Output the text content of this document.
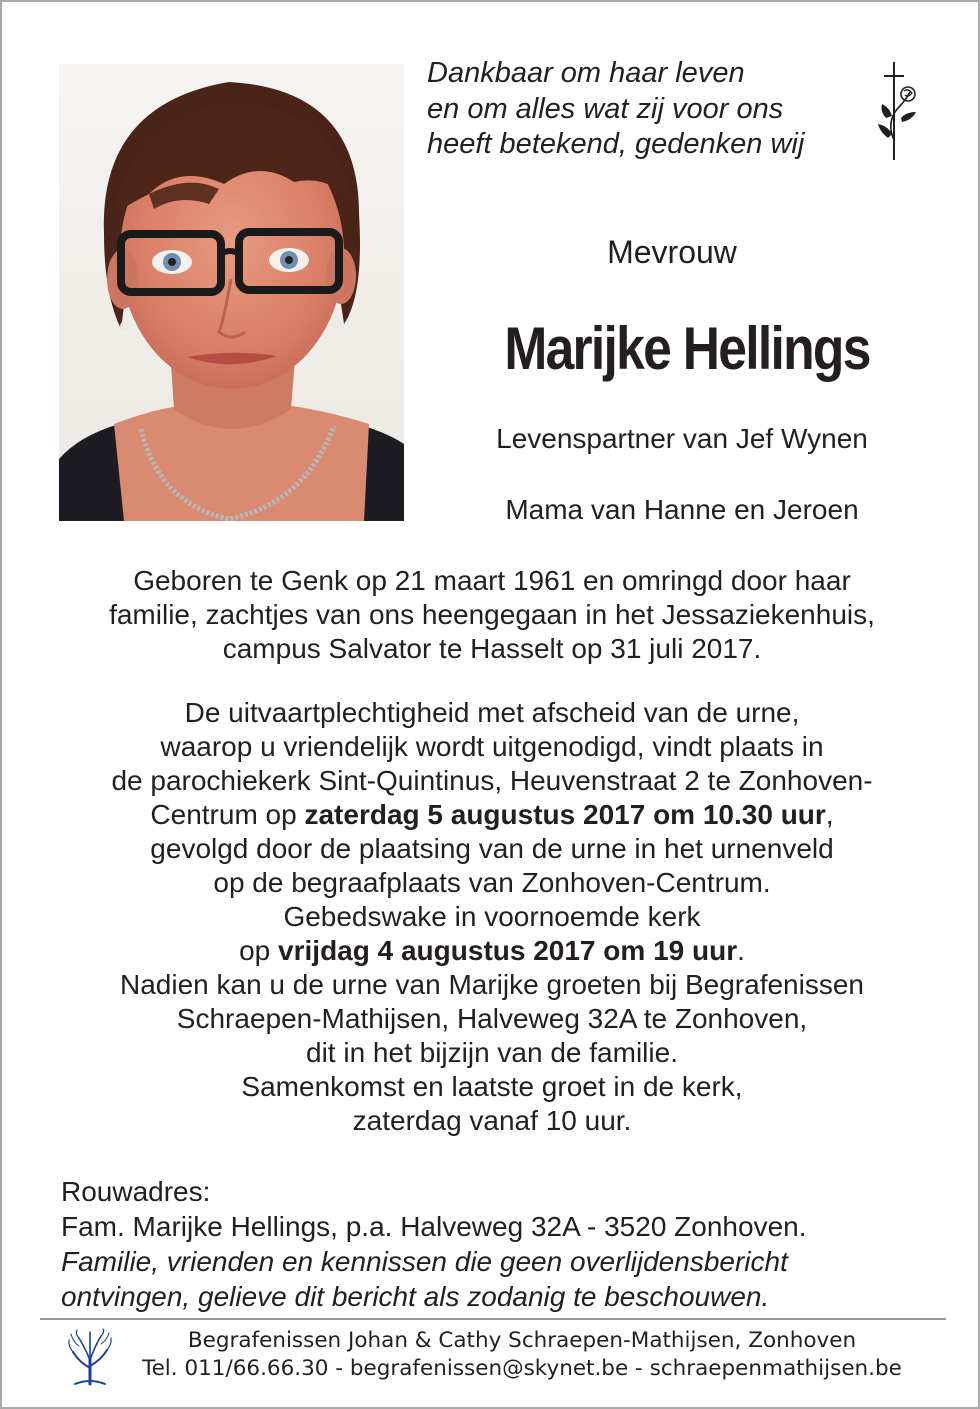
Dankbaar om haar leven
en om alles wat zij voor ons
heeft betekend, gedenken wij
Mevrouw
Marijke Hellings
Levenspartner van Jef Wynen
Mama van Hanne en Jeroen
Geboren te Genk op 21 maart 1961 en omringd door haar
familie, zachtjes van ons heengegaan in het Jessaziekenhuis,
campus Salvator te Hasselt op 31 juli 2017.
De uitvaartplechtigheid met afscheid van de urne,
waarop u vriendelijk wordt uitgenodigd, vindt plaats in
de parochiekerk Sint-Quintinus, Heuvenstraat 2 te Zonhoven-
Centrum op zaterdag 5 augustus 2017 om 10.30 uur,
gevolgd door de plaatsing van de urne in het urnenveld
op de begraafplaats van Zonhoven-Centrum.
Gebedswake in voornoemde kerk
op vrijdag 4 augustus 2017 om 19 uur.
Nadien kan u de urne van Marijke groeten bij Begrafenissen
Schraepen-Mathijsen, Halveweg 32A te Zonhoven,
dit in het bijzijn van de familie.
Samenkomst en laatste groet in de kerk,
zaterdag vanaf 10 uur.
Rouwadres:
Fam. Marijke Hellings, p.a. Halveweg 32A - 3520 Zonhoven.
Familie, vrienden en kennissen die geen overlijdensbericht
ontvingen, gelieve dit bericht als zodanig te beschouwen.
Begrafenissen Johan & Cathy Schraepen-Mathijsen, Zonhoven
Tel. 011/66.66.30 - begrafenissen@skynet.be - schraepenmathijsen.be
